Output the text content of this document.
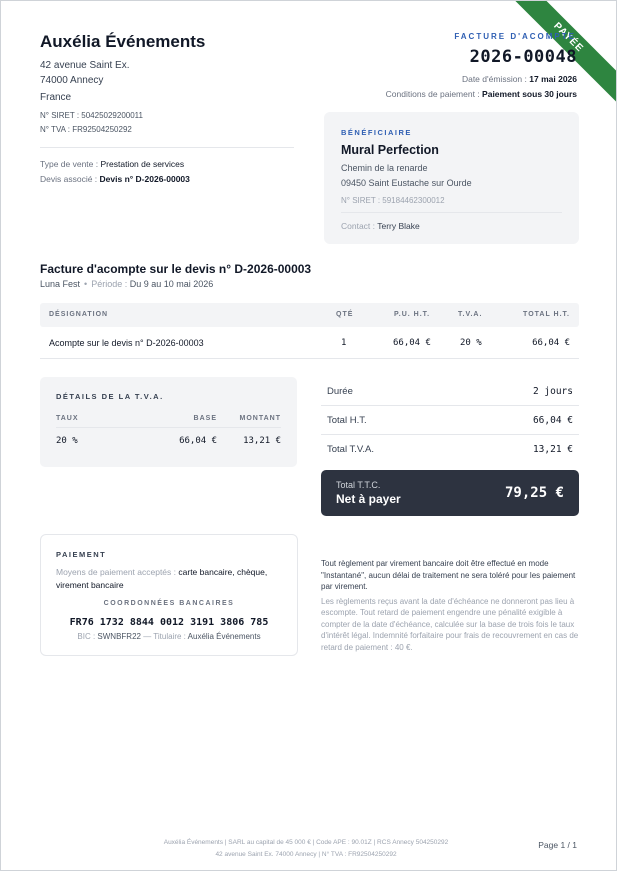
PAYÉE
Auxélia Événements
42 avenue Saint Ex.
74000 Annecy
France
N° SIRET : 50425029200011
N° TVA : FR92504250292
FACTURE D'ACOMPTE
2026-00048
Date d'émission : 17 mai 2026
Conditions de paiement : Paiement sous 30 jours
Type de vente : Prestation de services
Devis associé : Devis n° D-2026-00003
BÉNÉFICIAIRE
Mural Perfection
Chemin de la renarde
09450 Saint Eustache sur Ourde
N° SIRET : 59184462300012
Contact : Terry Blake
Facture d'acompte sur le devis n° D-2026-00003
Luna Fest • Période : Du 9 au 10 mai 2026
DÉSIGNATION	QTÉ	P.U. H.T.	T.V.A.	TOTAL H.T.
Acompte sur le devis n° D-2026-00003	1	66,04 €	20 %	66,04 €
DÉTAILS DE LA T.V.A.
TAUX	BASE	MONTANT
20 %	66,04 €	13,21 €
Durée	2 jours
Total H.T.	66,04 €
Total T.V.A.	13,21 €
Total T.T.C.
Net à payer	79,25 €
PAIEMENT
Moyens de paiement acceptés : carte bancaire, chèque, virement bancaire
COORDONNÉES BANCAIRES
FR76 1732 8844 0012 3191 3806 785
BIC : SWNBFR22 — Titulaire : Auxélia Événements

Tout règlement par virement bancaire doit être effectué en mode "Instantané", aucun délai de traitement ne sera toléré pour les paiement par virement.

Les règlements reçus avant la date d'échéance ne donneront pas lieu à escompte. Tout retard de paiement engendre une pénalité exigible à compter de la date d'échéance, calculée sur la base de trois fois le taux d'intérêt légal. Indemnité forfaitaire pour frais de recouvrement en cas de retard de paiement : 40 €.

Auxélia Événements | SARL au capital de 45 000 € | Code APE : 90.01Z | RCS Annecy 504250292
42 avenue Saint Ex. 74000 Annecy | N° TVA : FR92504250292
Page 1 / 1
